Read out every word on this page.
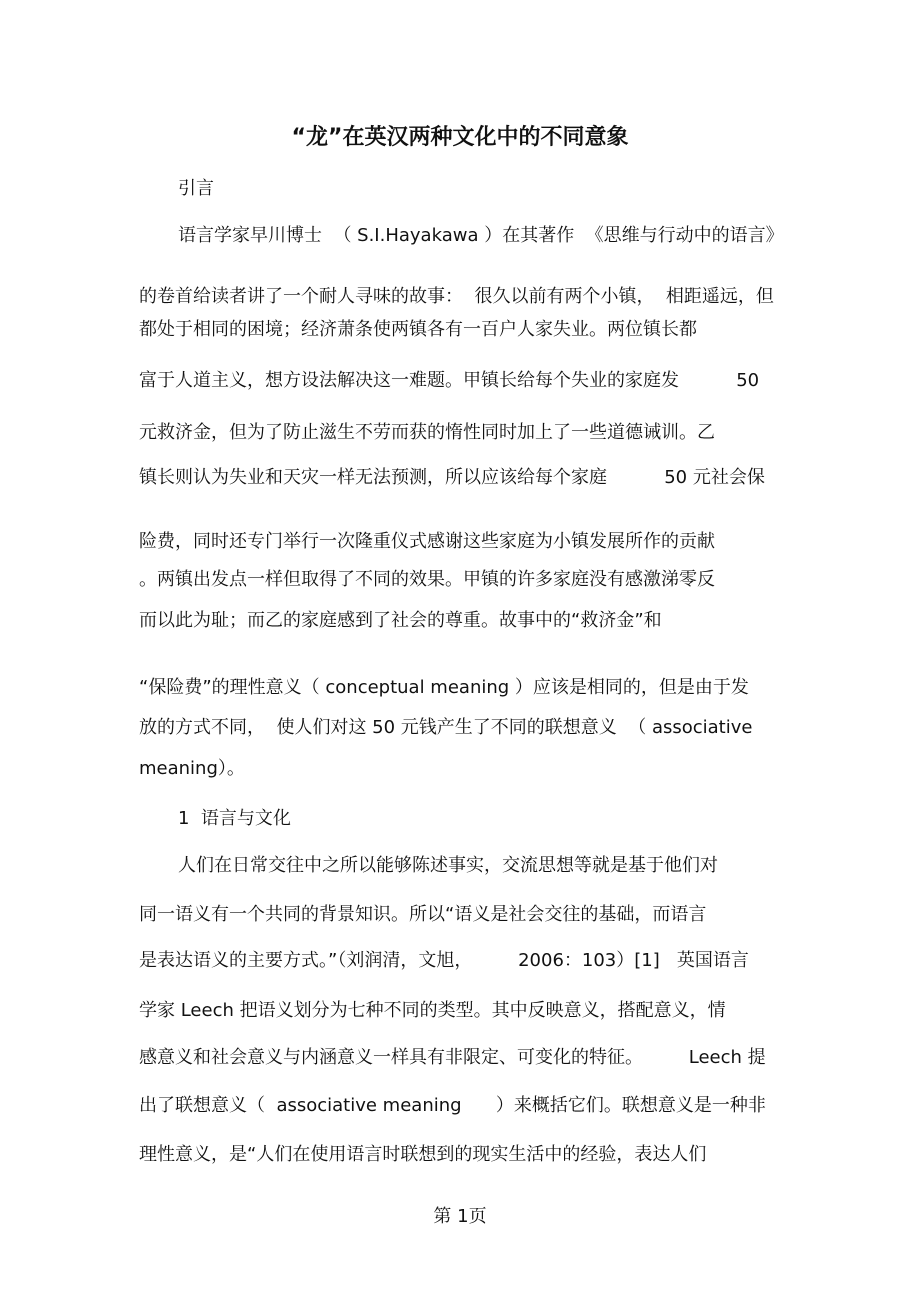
“龙”在英汉两种文化中的不同意象

引言

语言学家早川博士  （ S.I.Hayakawa ）在其著作  《思维与行动中的语言》

的卷首给读者讲了一个耐人寻味的故事：  很久以前有两个小镇，  相距遥远，但

都处于相同的困境；经济萧条使两镇各有一百户人家失业。两位镇长都

富于人道主义，想方设法解决这一难题。甲镇长给每个失业的家庭发          50

元救济金，但为了防止滋生不劳而获的惰性同时加上了一些道德诫训。乙

镇长则认为失业和天灾一样无法预测，所以应该给每个家庭          50 元社会保

险费，同时还专门举行一次隆重仪式感谢这些家庭为小镇发展所作的贡献

。两镇出发点一样但取得了不同的效果。甲镇的许多家庭没有感激涕零反

而以此为耻；而乙的家庭感到了社会的尊重。故事中的“救济金”和

“保险费”的理性意义（ conceptual meaning ）应该是相同的，但是由于发

放的方式不同，  使人们对这 50 元钱产生了不同的联想意义  （ associative

meaning）。

1  语言与文化

人们在日常交往中之所以能够陈述事实，交流思想等就是基于他们对

同一语义有一个共同的背景知识。所以“语义是社会交往的基础，而语言

是表达语义的主要方式。”（刘润清，文旭，        2006：103）[1]   英国语言

学家 Leech 把语义划分为七种不同的类型。其中反映意义，搭配意义，情

感意义和社会意义与内涵意义一样具有非限定、可变化的特征。        Leech 提

出了联想意义（  associative meaning      ）来概括它们。联想意义是一种非

理性意义，是“人们在使用语言时联想到的现实生活中的经验，表达人们

第 1页
